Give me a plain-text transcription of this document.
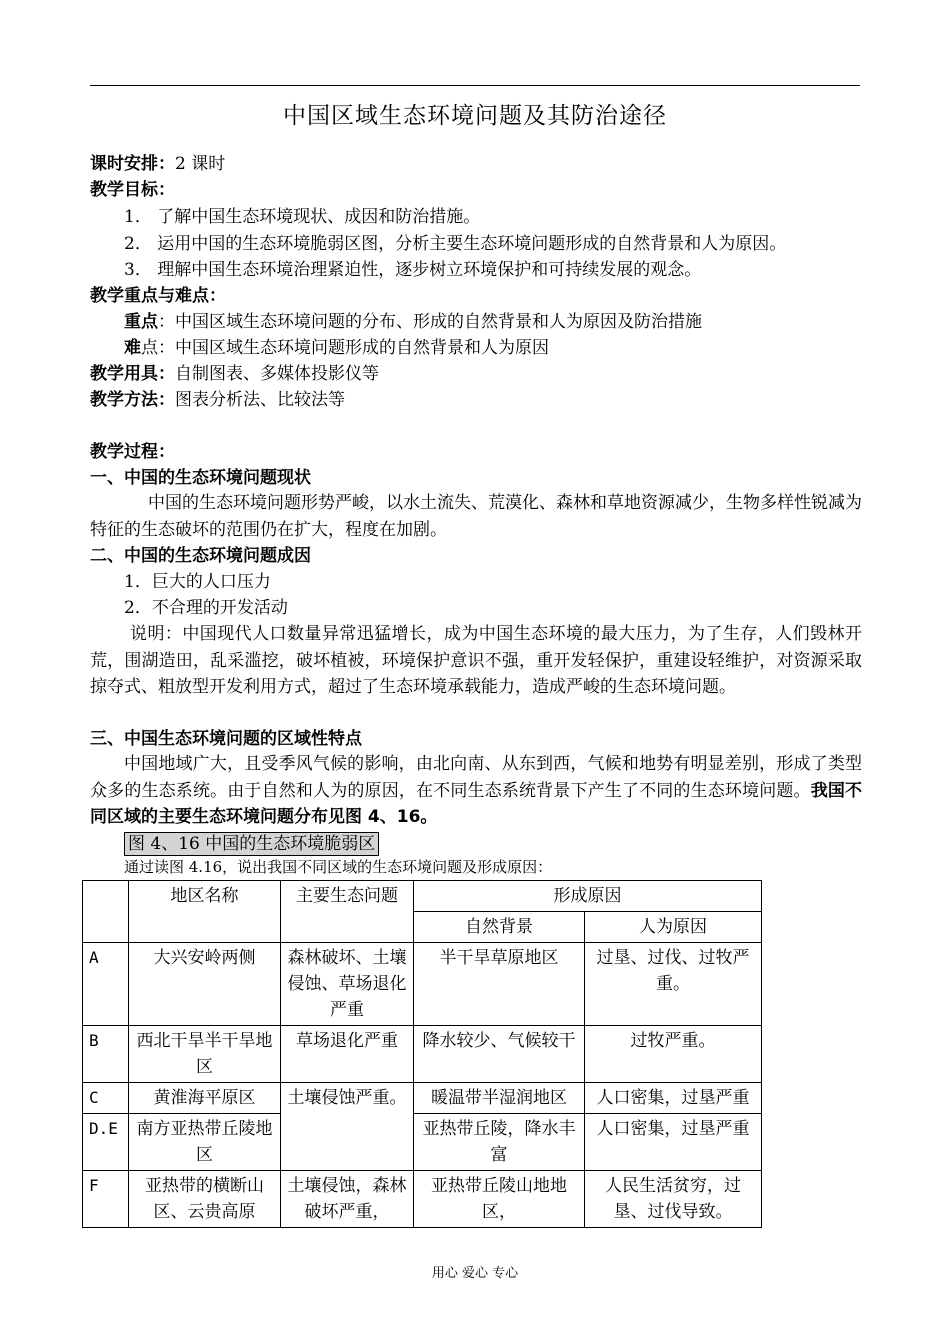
中国区域生态环境问题及其防治途径
课时安排：2 课时
教学目标：
1． 了解中国生态环境现状、成因和防治措施。
2． 运用中国的生态环境脆弱区图，分析主要生态环境问题形成的自然背景和人为原因。
3． 理解中国生态环境治理紧迫性，逐步树立环境保护和可持续发展的观念。
教学重点与难点：
重点：中国区域生态环境问题的分布、形成的自然背景和人为原因及防治措施
难点：中国区域生态环境问题形成的自然背景和人为原因
教学用具：自制图表、多媒体投影仪等
教学方法：图表分析法、比较法等
教学过程：
一、中国的生态环境问题现状
中国的生态环境问题形势严峻，以水土流失、荒漠化、森林和草地资源减少，生物多样性锐减为特征的生态破坏的范围仍在扩大，程度在加剧。
二、中国的生态环境问题成因
1．巨大的人口压力
2．不合理的开发活动
说明：中国现代人口数量异常迅猛增长，成为中国生态环境的最大压力，为了生存，人们毁林开荒，围湖造田，乱采滥挖，破坏植被，环境保护意识不强，重开发轻保护，重建设轻维护，对资源采取掠夺式、粗放型开发利用方式，超过了生态环境承载能力，造成严峻的生态环境问题。
三、中国生态环境问题的区域性特点
中国地域广大，且受季风气候的影响，由北向南、从东到西，气候和地势有明显差别，形成了类型众多的生态系统。由于自然和人为的原因，在不同生态系统背景下产生了不同的生态环境问题。我国不同区域的主要生态环境问题分布见图 4、16。
图 4、16 中国的生态环境脆弱区
通过读图 4.16，说出我国不同区域的生态环境问题及形成原因：
	地区名称	主要生态问题	形成原因	
			自然背景	人为原因
A	大兴安岭两侧	森林破坏、土壤侵蚀、草场退化严重	半干旱草原地区	过垦、过伐、过牧严重。
B	西北干旱半干旱地区	草场退化严重	降水较少、气候较干	过牧严重。
C	黄淮海平原区	土壤侵蚀严重。	暖温带半湿润地区	人口密集，过垦严重
D.E	南方亚热带丘陵地区		亚热带丘陵，降水丰富	人口密集，过垦严重
F	亚热带的横断山区、云贵高原	土壤侵蚀，森林破坏严重，	亚热带丘陵山地地区，	人民生活贫穷，过垦、过伐导致。
用心 爱心 专心
